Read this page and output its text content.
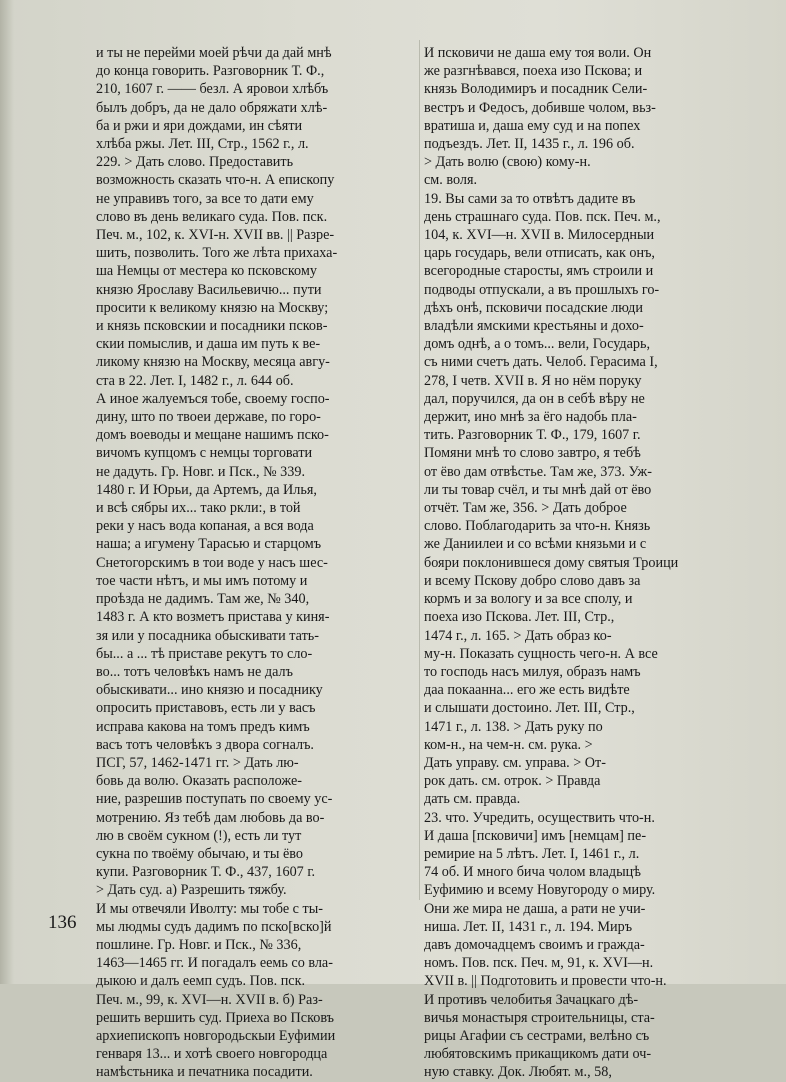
и ты не перейми моей рѣчи да дай мнѣ
до конца говорить. Разговорник Т. Ф.,
210, 1607 г. —— безл. А яровои хлѣбъ
былъ добръ, да не дало обряжати хлѣ-
ба и ржи и яри дождами, ин сѣяти
хлѣба ржы. Лет. III, Стр., 1562 г., л.
229. > Дать слово. Предоставить
возможность сказать что-н. А епископу
не управивъ того, за все то дати ему
слово въ день великаго суда. Пов. пск.
Печ. м., 102, к. XVI-н. XVII вв. || Разре-
шить, позволить. Того же лѣта прихаха-
ша Немцы от местера ко псковскому
князю Ярославу Васильевичю... пути
просити к великому князю на Москву;
и князь псковскии и посадники псков-
скии помыслив, и даша им путь к ве-
ликому князю на Москву, месяца авгу-
ста в 22. Лет. I, 1482 г., л. 644 об.
А иное жалуемъся тобе, своему госпо-
дину, што по твоеи державе, по горо-
домъ воеводы и мещане нашимъ пско-
вичомъ купцомъ с немцы торговати
не дадуть. Гр. Новг. и Пск., № 339.
1480 г. И Юрьи, да Артемъ, да Илья,
и всѣ сябры их... тако ркли:, в той
реки у насъ вода копаная, а вся вода
наша; а игумену Тарасью и старцомъ
Снетогорскимъ в тои воде у насъ шес-
тое части нѣтъ, и мы имъ потому и
проѣзда не дадимъ. Там же, № 340,
1483 г. А кто возметъ пристава у киня-
зя или у посадника обыскивати тать-
бы... а ... тѣ приставе рекутъ то сло-
во... тотъ человѣкъ намъ не далъ
обыскивати... ино князю и посаднику
опросить приставовъ, есть ли у васъ
исправа какова на томъ предъ кимъ
васъ тотъ человѣкъ з двора согналъ.
ПСГ, 57, 1462-1471 гг. > Дать лю-
бовь да волю. Оказать расположе-
ние, разрешив поступать по своему ус-
мотрению. Яз тебѣ дам любовь да во-
лю в своём сукном (!), есть ли тут
сукна по твоёму обычаю, и ты ёво
купи. Разговорник Т. Ф., 437, 1607 г.
> Дать суд. а) Разрешить тяжбу.
И мы отвечяли Иволту: мы тобе с ты-
мы людмы судъ дадимъ по пско[вско]й
пошлине. Гр. Новг. и Пск., № 336,
1463—1465 гг. И погадалъ еемь со вла-
дыкою и далъ еемп судъ. Пов. пск.
Печ. м., 99, к. XVI—н. XVII в. б) Раз-
решить вершить суд. Приеха во Псковъ
архиепископъ новгородьскыи Еуфимии
генваря 13... и хотѣ своего новгородца
намѣстьника и печатника посадити.
И псковичи не даша ему тоя воли. Он
же разгнѣвався, поеха изо Пскова; и
князь Володимиръ и посадник Сели-
вестръ и Федосъ, добивше чолом, вьз-
вратиша и, даша ему суд и на попех
подъездъ. Лет. II, 1435 г., л. 196 об.
> Дать волю (свою) кому-н.
см. воля.
19. Вы сами за то отвѣтъ дадите въ
день страшнаго суда. Пов. пск. Печ. м.,
104, к. XVI—н. XVII в. Милосердныи
царь государь, вели отписать, как онъ,
всегородные старосты, ямъ строили и
подводы отпускали, а въ прошлыхъ го-
дѣхъ онѣ, псковичи посадские люди
владѣли ямскими крестьяны и дохо-
домъ однѣ, а о томъ... вели, Государь,
съ ними счетъ дать. Челоб. Герасима I,
278, I четв. XVII в. Я но нём поруку
дал, поручился, да он в себѣ вѣру не
держит, ино мнѣ за ёго надобь пла-
тить. Разговорник Т. Ф., 179, 1607 г.
Помяни мнѣ то слово завтро, я тебѣ
от ёво дам отвѣстье. Там же, 373. Уж-
ли ты товар счёл, и ты мнѣ дай от ёво
отчёт. Там же, 356. > Дать доброе
слово. Поблагодарить за что-н. Князь
же Даниилеи и со всѣми князьми и с
бояри поклонившеся дому святыя Троици
и всему Пскову добро слово давъ за
кормъ и за вологу и за все сполу, и
поеха изо Пскова. Лет. III, Стр.,
1474 г., л. 165. > Дать образ ко-
му-н. Показать сущность чего-н. А все
то господь насъ милуя, образъ намъ
даа покаанна... его же есть видѣте
и слышати достоино. Лет. III, Стр.,
1471 г., л. 138. > Дать руку по
ком-н., на чем-н. см. рука. >
Дать управу. см. управа. > От-
рок дать. см. отрок. > Правда
дать см. правда.
23. что. Учредить, осуществить что-н.
И даша [псковичи] имъ [немцам] пе-
ремирие на 5 лѣтъ. Лет. I, 1461 г., л.
74 об. И много бича чолом владыцѣ
Еуфимию и всему Новугороду о миру.
Они же мира не даша, а рати не учи-
ниша. Лет. II, 1431 г., л. 194. Миръ
давъ домочадцемъ своимъ и гражда-
номъ. Пов. пск. Печ. м, 91, к. XVI—н.
XVII в. || Подготовить и провести что-н.
И противъ челобитья Зачацкаго дѣ-
вичья монастыря строительницы, ста-
рицы Агафии съ сестрами, велѣно съ
любятовскимъ прикащикомъ дати оч-
ную ставку. Док. Любят. м., 58,
136
